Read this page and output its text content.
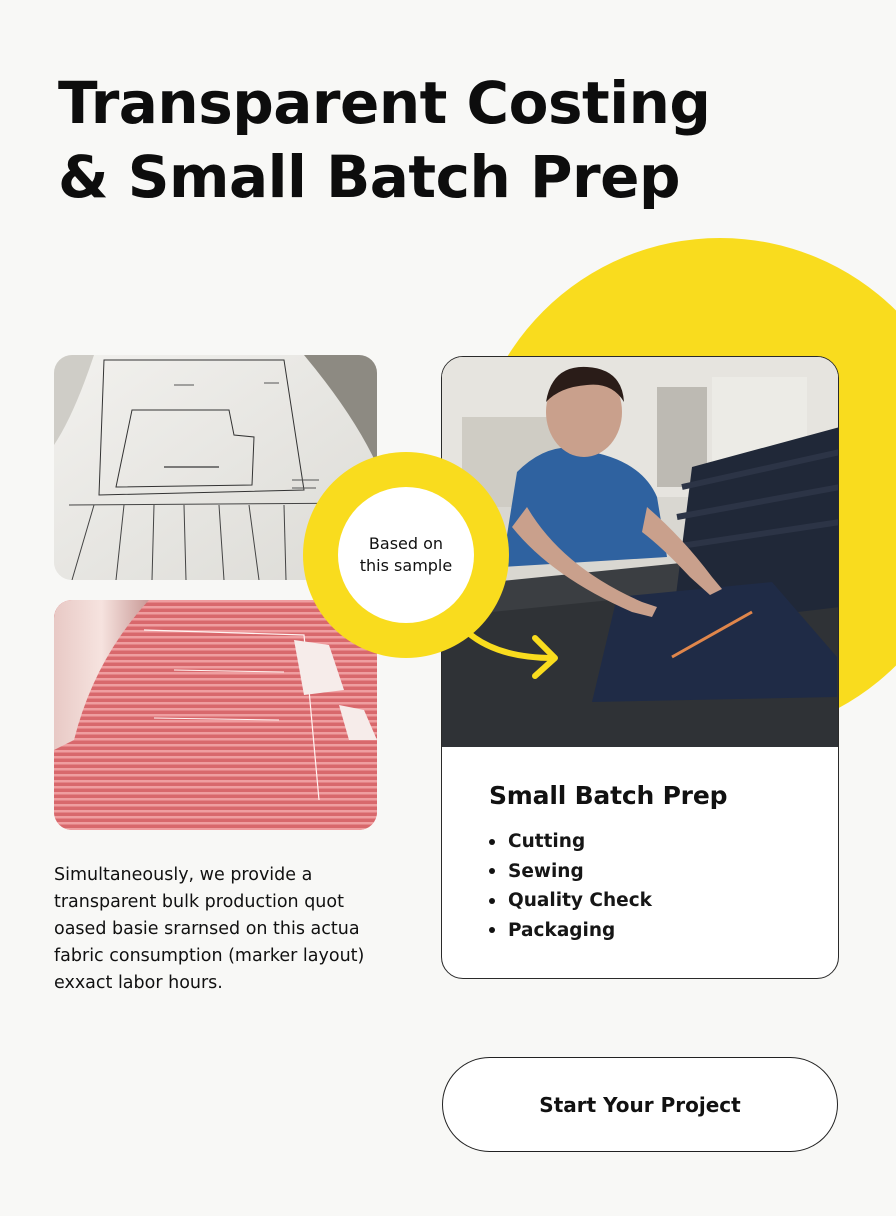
Transparent Costing
& Small Batch Prep
Small Batch Prep
Cutting
Sewing
Quality Check
Packaging
Based on
this sample
Simultaneously, we provide a
transparent bulk production quot
oased basie srarnsed on this actua
fabric consumption (marker layout)
exxact labor hours.
Start Your Project
